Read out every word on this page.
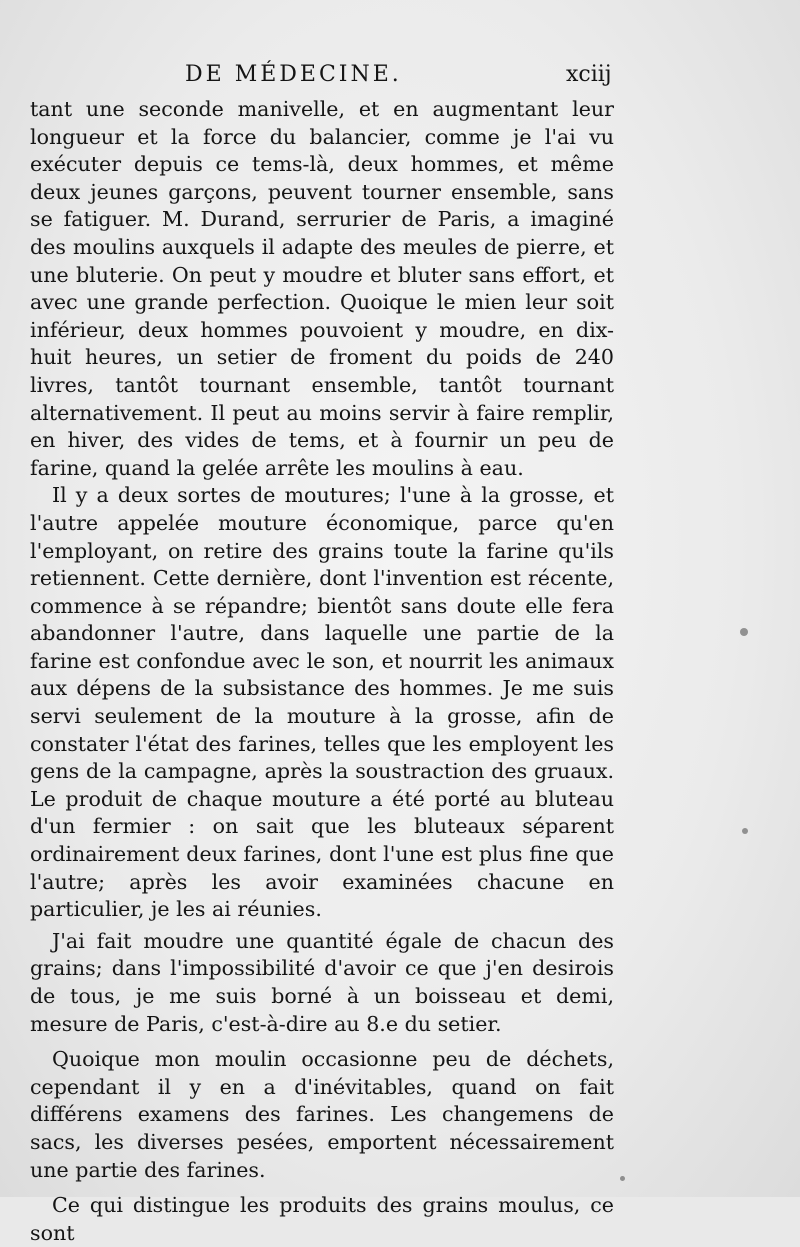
DE MÉDECINE.	xciij

tant une seconde manivelle, et en augmentant leur longueur et la force du balancier, comme je l'ai vu exécuter depuis ce tems-là, deux hommes, et même deux jeunes garçons, peuvent tourner ensemble, sans se fatiguer. M. Durand, serrurier de Paris, a imaginé des moulins auxquels il adapte des meules de pierre, et une bluterie. On peut y moudre et bluter sans effort, et avec une grande perfection. Quoique le mien leur soit inférieur, deux hommes pouvoient y moudre, en dix-huit heures, un setier de froment du poids de 240 livres, tantôt tournant ensemble, tantôt tournant alternativement. Il peut au moins servir à faire remplir, en hiver, des vides de tems, et à fournir un peu de farine, quand la gelée arrête les moulins à eau.

Il y a deux sortes de moutures; l'une à la grosse, et l'autre appelée mouture économique, parce qu'en l'employant, on retire des grains toute la farine qu'ils retiennent. Cette dernière, dont l'invention est récente, commence à se répandre; bientôt sans doute elle fera abandonner l'autre, dans laquelle une partie de la farine est confondue avec le son, et nourrit les animaux aux dépens de la subsistance des hommes. Je me suis servi seulement de la mouture à la grosse, afin de constater l'état des farines, telles que les employent les gens de la campagne, après la soustraction des gruaux. Le produit de chaque mouture a été porté au bluteau d'un fermier : on sait que les bluteaux séparent ordinairement deux farines, dont l'une est plus fine que l'autre; après les avoir examinées chacune en particulier, je les ai réunies.

J'ai fait moudre une quantité égale de chacun des grains; dans l'impossibilité d'avoir ce que j'en desirois de tous, je me suis borné à un boisseau et demi, mesure de Paris, c'est-à-dire au 8.e du setier.

Quoique mon moulin occasionne peu de déchets, cependant il y en a d'inévitables, quand on fait différens examens des farines. Les changemens de sacs, les diverses pesées, emportent nécessairement une partie des farines.

Ce qui distingue les produits des grains moulus, ce sont
